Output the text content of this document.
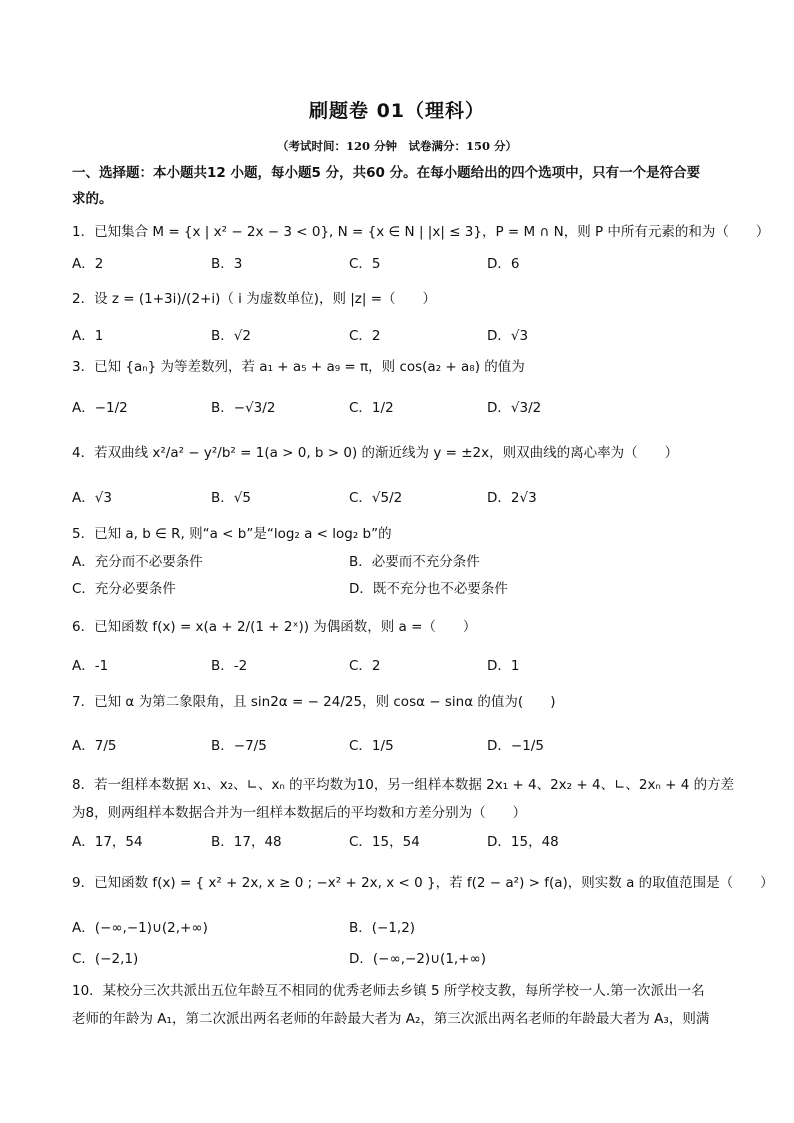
刷题卷 01（理科）
（考试时间：120 分钟　试卷满分：150 分）
一、选择题：本小题共12 小题，每小题5 分，共60 分。在每小题给出的四个选项中，只有一个是符合要
求的。
1．已知集合 M = {x | x² − 2x − 3 < 0}, N = {x ∈ N | |x| ≤ 3}，P = M ∩ N，则 P 中所有元素的和为（　　）
A．2	B．3	C．5	D．6
2．设 z = (1+3i)/(2+i)（ i 为虚数单位)，则 |z| =（　　）
A．1	B．√2	C．2	D．√3
3．已知 {aₙ} 为等差数列，若 a₁ + a₅ + a₉ = π，则 cos(a₂ + a₈) 的值为
A．−1/2	B．−√3/2	C．1/2	D．√3/2
4．若双曲线 x²/a² − y²/b² = 1(a > 0, b > 0) 的渐近线为 y = ±2x，则双曲线的离心率为（　　）
A．√3	B．√5	C．√5/2	D．2√3
5．已知 a, b ∈ R, 则“a < b”是“log₂ a < log₂ b”的
A．充分而不必要条件	B．必要而不充分条件
C．充分必要条件	D．既不充分也不必要条件
6．已知函数 f(x) = x(a + 2/(1 + 2ˣ)) 为偶函数，则 a =（　　）
A．-1	B．-2	C．2	D．1
7．已知 α 为第二象限角，且 sin2α = − 24/25，则 cosα − sinα 的值为(　　)
A．7/5	B．−7/5	C．1/5	D．−1/5
8．若一组样本数据 x₁、x₂、∟、xₙ 的平均数为10，另一组样本数据 2x₁ + 4、2x₂ + 4、∟、2xₙ + 4 的方差
为8，则两组样本数据合并为一组样本数据后的平均数和方差分别为（　　）
A．17，54	B．17，48	C．15，54	D．15，48
9．已知函数 f(x) = { x² + 2x, x ≥ 0 ; −x² + 2x, x < 0 }，若 f(2 − a²) > f(a)，则实数 a 的取值范围是（　　）
A．(−∞,−1)∪(2,+∞)	B．(−1,2)
C．(−2,1)	D．(−∞,−2)∪(1,+∞)
10．某校分三次共派出五位年龄互不相同的优秀老师去乡镇 5 所学校支教，每所学校一人.第一次派出一名
老师的年龄为 A₁，第二次派出两名老师的年龄最大者为 A₂，第三次派出两名老师的年龄最大者为 A₃，则满
